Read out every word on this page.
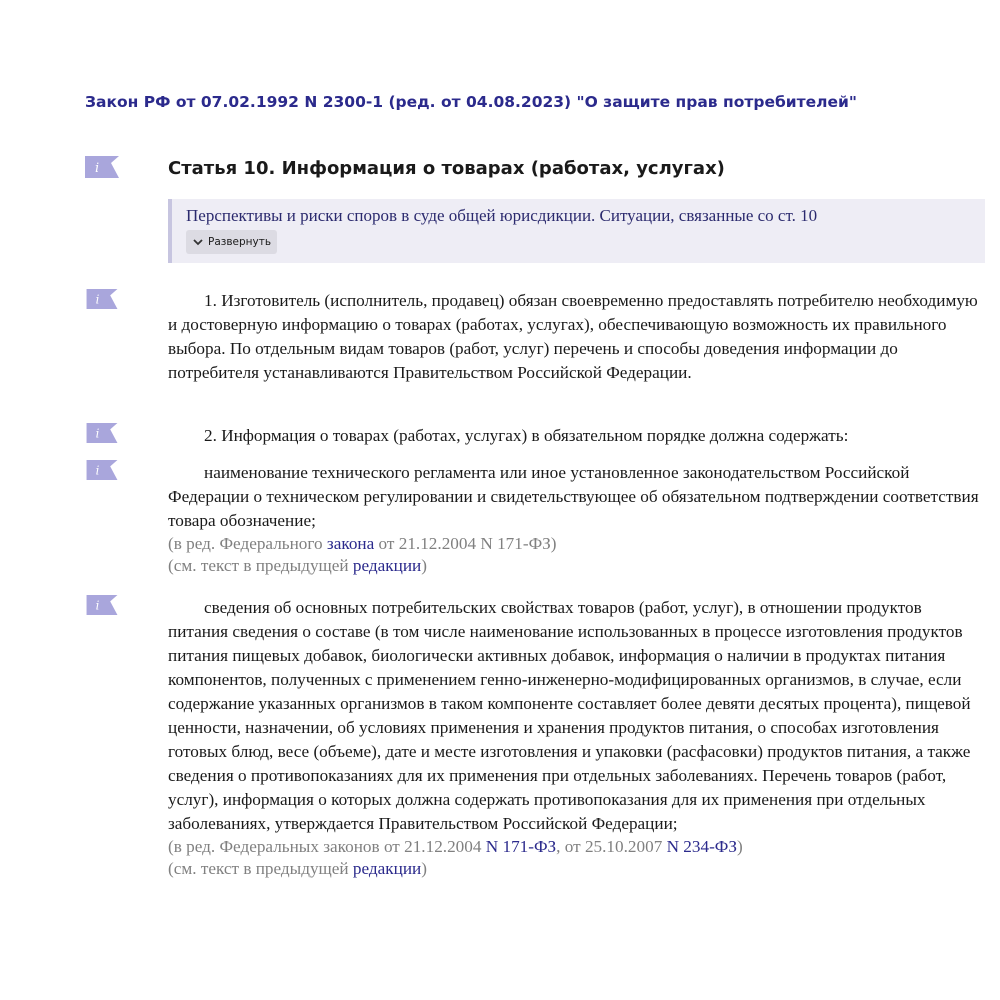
Закон РФ от 07.02.1992 N 2300-1 (ред. от 04.08.2023) "О защите прав потребителей"
i
i
i
i
i
Статья 10. Информация о товарах (работах, услугах)
Перспективы и риски споров в суде общей юрисдикции. Ситуации, связанные со ст. 10
Развернуть
1. Изготовитель (исполнитель, продавец) обязан своевременно предоставлять потребителю необходимую и достоверную информацию о товарах (работах, услугах), обеспечивающую возможность их правильного выбора. По отдельным видам товаров (работ, услуг) перечень и способы доведения информации до потребителя устанавливаются Правительством Российской Федерации.
2. Информация о товарах (работах, услугах) в обязательном порядке должна содержать:
наименование технического регламента или иное установленное законодательством Российской Федерации о техническом регулировании и свидетельствующее об обязательном подтверждении соответствия товара обозначение;
(в ред. Федерального закона от 21.12.2004 N 171-ФЗ)
(см. текст в предыдущей редакции)
сведения об основных потребительских свойствах товаров (работ, услуг), в отношении продуктов питания сведения о составе (в том числе наименование использованных в процессе изготовления продуктов питания пищевых добавок, биологически активных добавок, информация о наличии в продуктах питания компонентов, полученных с применением генно-инженерно-модифицированных организмов, в случае, если содержание указанных организмов в таком компоненте составляет более девяти десятых процента), пищевой ценности, назначении, об условиях применения и хранения продуктов питания, о способах изготовления готовых блюд, весе (объеме), дате и месте изготовления и упаковки (расфасовки) продуктов питания, а также сведения о противопоказаниях для их применения при отдельных заболеваниях. Перечень товаров (работ, услуг), информация о которых должна содержать противопоказания для их применения при отдельных заболеваниях, утверждается Правительством Российской Федерации;
(в ред. Федеральных законов от 21.12.2004 N 171-ФЗ, от 25.10.2007 N 234-ФЗ)
(см. текст в предыдущей редакции)
